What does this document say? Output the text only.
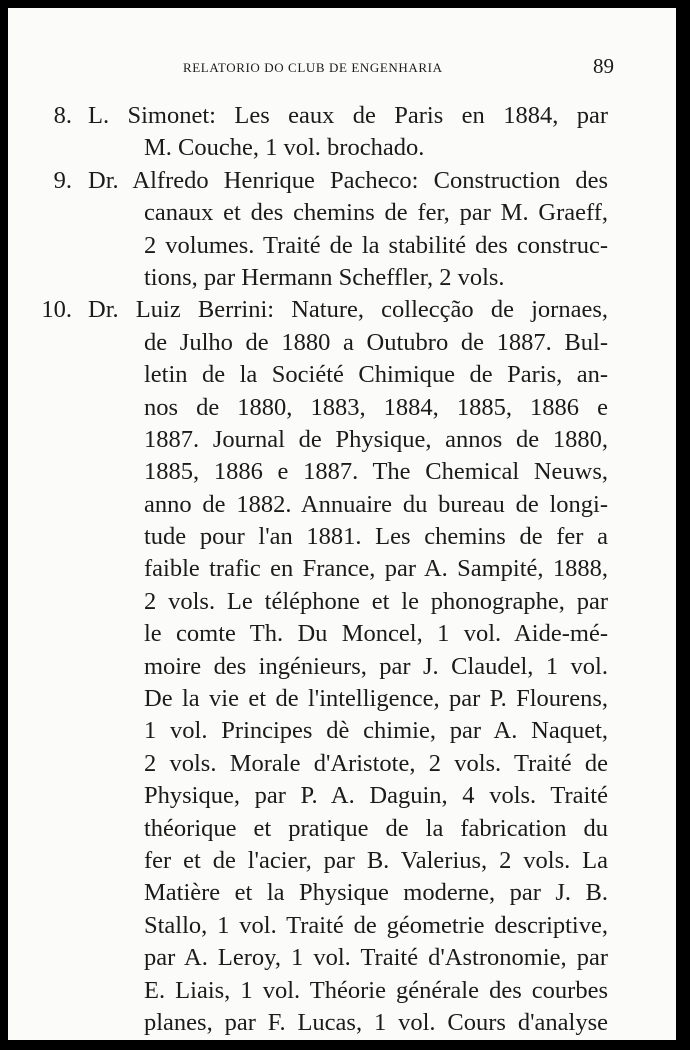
RELATORIO DO CLUB DE ENGENHARIA	89
8. L. Simonet: Les eaux de Paris en 1884, par
M. Couche, 1 vol. brochado.
9. Dr. Alfredo Henrique Pacheco: Construction des
canaux et des chemins de fer, par M. Graeff,
2 volumes. Traité de la stabilité des construc-
tions, par Hermann Scheffler, 2 vols.
10. Dr. Luiz Berrini: Nature, collecção de jornaes,
de Julho de 1880 a Outubro de 1887. Bul-
letin de la Société Chimique de Paris, an-
nos de 1880, 1883, 1884, 1885, 1886 e
1887. Journal de Physique, annos de 1880,
1885, 1886 e 1887. The Chemical Neuws,
anno de 1882. Annuaire du bureau de longi-
tude pour l'an 1881. Les chemins de fer a
faible trafic en France, par A. Sampité, 1888,
2 vols. Le téléphone et le phonographe, par
le comte Th. Du Moncel, 1 vol. Aide-mé-
moire des ingénieurs, par J. Claudel, 1 vol.
De la vie et de l'intelligence, par P. Flourens,
1 vol. Principes dè chimie, par A. Naquet,
2 vols. Morale d'Aristote, 2 vols. Traité de
Physique, par P. A. Daguin, 4 vols. Traité
théorique et pratique de la fabrication du
fer et de l'acier, par B. Valerius, 2 vols. La
Matière et la Physique moderne, par J. B.
Stallo, 1 vol. Traité de géometrie descriptive,
par A. Leroy, 1 vol. Traité d'Astronomie, par
E. Liais, 1 vol. Théorie générale des courbes
planes, par F. Lucas, 1 vol. Cours d'analyse
